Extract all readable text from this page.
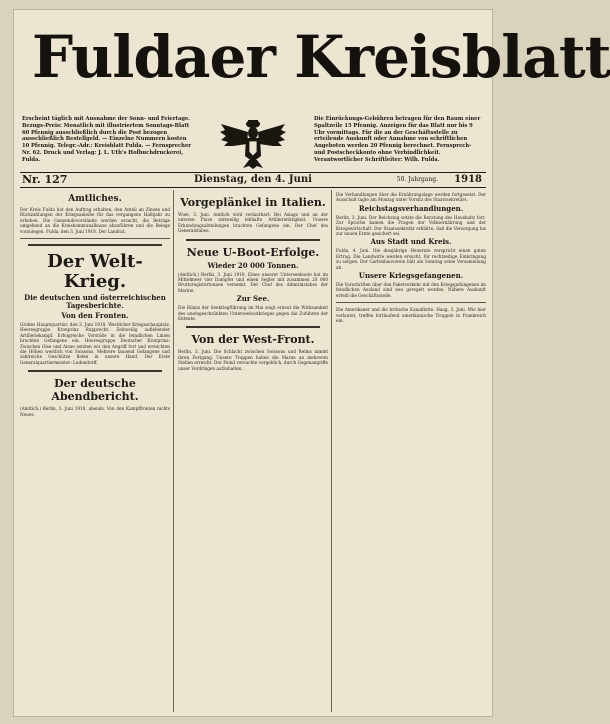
Fuldaer Kreisblatt
Erscheint täglich mit Ausnahme der Sonn- und Feiertage. Bezugs-Preis: Monatlich mit illustriertem Sonntags-Blatt 60 Pfennig ausschließlich durch die Post bezogen ausschließlich Bestellgeld. — Einzelne Nummern kosten 10 Pfennig. Telegr.-Adr.: Kreisblatt Fulda. — Fernsprecher Nr. 62. Druck und Verlag: J. L. Uth's Hofbuchdruckerei, Fulda.
Die Einrückungs-Gebühren betragen für den Raum einer Spaltzeile 15 Pfennig. Anzeigen für das Blatt nur bis 9 Uhr vormittags. Für die an der Geschäftsstelle zu erteilende Auskunft oder Annahme von schriftlichen Angeboten werden 20 Pfennig berechnet. Fernsprech- und Postscheckkonto ohne Verbindlichkeit. Verantwortlicher Schriftleiter: Wilh. Fulda.
Dienstag, den 4. Juni
Nr. 127	50. Jahrgang. 1918
Amtliches.
Der Kreis Fulda hat den Auftrag erhalten, den Anteil an Zinsen und Rückzahlungen der Kriegsanleihe für das vergangene Halbjahr zu erheben. Die Gemeindevorstände werden ersucht, die Beträge umgehend an die Kreiskommunalkasse abzuführen und die Belege vorzulegen. Fulda, den 3. Juni 1918. Der Landrat.
Der Welt-Krieg.
Die deutschen und österreichischen Tagesberichte.
Von den Fronten.
Großes Hauptquartier, den 3. Juni 1918. Westlicher Kriegsschauplatz. Heeresgruppe Kronprinz Rupprecht: Zeitweilig auflebender Artilleriekampf. Erfolgreiche Vorstöße in die feindlichen Linien brachten Gefangene ein. Heeresgruppe Deutscher Kronprinz: Zwischen Oise und Aisne setzten wir den Angriff fort und erreichten die Höhen westlich von Soissons. Mehrere tausend Gefangene und zahlreiche Geschütze fielen in unsere Hand. Der Erste Generalquartiermeister: Ludendorff.
Der deutsche Abendbericht.
(Amtlich.) Berlin, 3. Juni 1918, abends. Von den Kampffronten nichts Neues.
Vorgeplänkel in Italien.
Wien, 3. Juni. Amtlich wird verlautbart: Bei Asiago und an der unteren Piave zeitweilig lebhafte Artillerietätigkeit. Unsere Erkundungsabteilungen brachten Gefangene ein. Der Chef des Generalstabes.
Neue U-Boot-Erfolge.
Wieder 20 000 Tonnen.
(Amtlich.) Berlin, 3. Juni 1918. Eines unserer Unterseeboote hat im Mittelmeer vier Dampfer und einen Segler mit zusammen 20 000 Bruttoregistertonnen versenkt. Der Chef des Admiralstabes der Marine.
Zur See.
Die Bilanz der Seekriegführung im Mai zeigt erneut die Wirksamkeit des uneingeschränkten Unterseebootkrieges gegen die Zufuhren der Entente.
Von der West-Front.
Berlin, 3. Juni. Die Schlacht zwischen Soissons und Reims nimmt ihren Fortgang. Unsere Truppen haben die Marne an mehreren Stellen erreicht. Der Feind versuchte vergeblich, durch Gegenangriffe unser Vordringen aufzuhalten.
Die Verhandlungen über die Ernährungslage werden fortgesetzt. Der Ausschuß tagte am Montag unter Vorsitz des Staatssekretärs.
Reichstagsverhandlungen.
Berlin, 3. Juni. Der Reichstag setzte die Beratung des Haushalts fort. Zur Sprache kamen die Fragen der Volksernährung und der Kriegswirtschaft. Der Staatssekretär erklärte, daß die Versorgung bis zur neuen Ernte gesichert sei.
Aus Stadt und Kreis.
Fulda, 4. Juni. Die diesjährige Heuernte verspricht einen guten Ertrag. Die Landwirte werden ersucht, für rechtzeitige Einbringung zu sorgen. Der Gartenbauverein hält am Sonntag seine Versammlung ab.
Unsere Kriegsgefangenen.
Die Vorschriften über den Paketverkehr mit den Kriegsgefangenen im feindlichen Ausland sind neu geregelt worden. Nähere Auskunft erteilt die Geschäftsstelle.
Die Amerikaner und die britische Kanalflotte. Haag, 3. Juni. Wie hier verlautet, treffen fortlaufend amerikanische Truppen in Frankreich ein.
